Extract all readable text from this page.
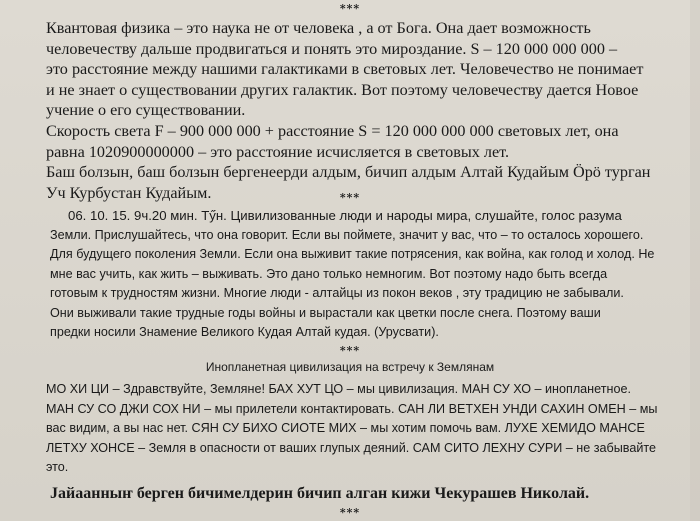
***

Квантовая физика – это наука не от человека , а от Бога. Она дает возможность

человечеству дальше продвигаться и понять это мироздание. S – 120 000 000 000 –

это расстояние между нашими галактиками в световых лет. Человечество не понимает

и не знает о существовании других галактик. Вот поэтому человечеству дается Новое

учение о его существовании.

Скорость света F – 900 000 000 + расстояние S = 120 000 000 000 световых лет, она

равна 1020900000000 – это расстояние исчисляется в световых лет.

Баш болзын, баш болзын бергенеерди алдым, бичип алдым Алтай Кудайым Ӧрӧ турган

Уч Курбустан Кудайым.	***

06. 10. 15. 9ч.20 мин. Тӳн. Цивилизованные люди и народы мира, слушайте, голос разума

Земли. Прислушайтесь, что она говорит. Если вы поймете, значит у вас, что – то осталось хорошего.

Для будущего поколения Земли. Если она выживит такие потрясения, как война, как голод и холод. Не

мне вас учить, как жить – выживать. Это дано только немногим. Вот поэтому надо быть всегда

готовым к трудностям жизни. Многие люди - алтайцы из покон веков , эту традицию не забывали.

Они выживали такие трудные годы войны и вырастали как цветки после снега. Поэтому ваши

предки носили Знамение Великого Кудая Алтай кудая. (Урусвати).

***
Инопланетная цивилизация на встречу к Землянам

МО ХИ ЦИ – Здравствуйте, Земляне! БАХ ХУТ ЦО – мы цивилизация. МАН СУ ХО – инопланетное.

МАН СУ СО ДЖИ СОХ НИ – мы прилетели контактировать. САН ЛИ ВЕТХЕН УНДИ САХИН ОМЕН – мы

вас видим, а вы нас нет. СЯН СУ БИХО СИОТЕ МИХ – мы хотим помочь вам. ЛУХЕ ХЕМИДО МАНСЕ

ЛЕТХУ ХОНСЕ – Земля в опасности от ваших глупых деяний. САМ СИТО ЛЕХНУ СУРИ – не забывайте

это.

Јайаанныҥ берген бичимелдерин бичип алган кижи Чекурашев Николай.
***
